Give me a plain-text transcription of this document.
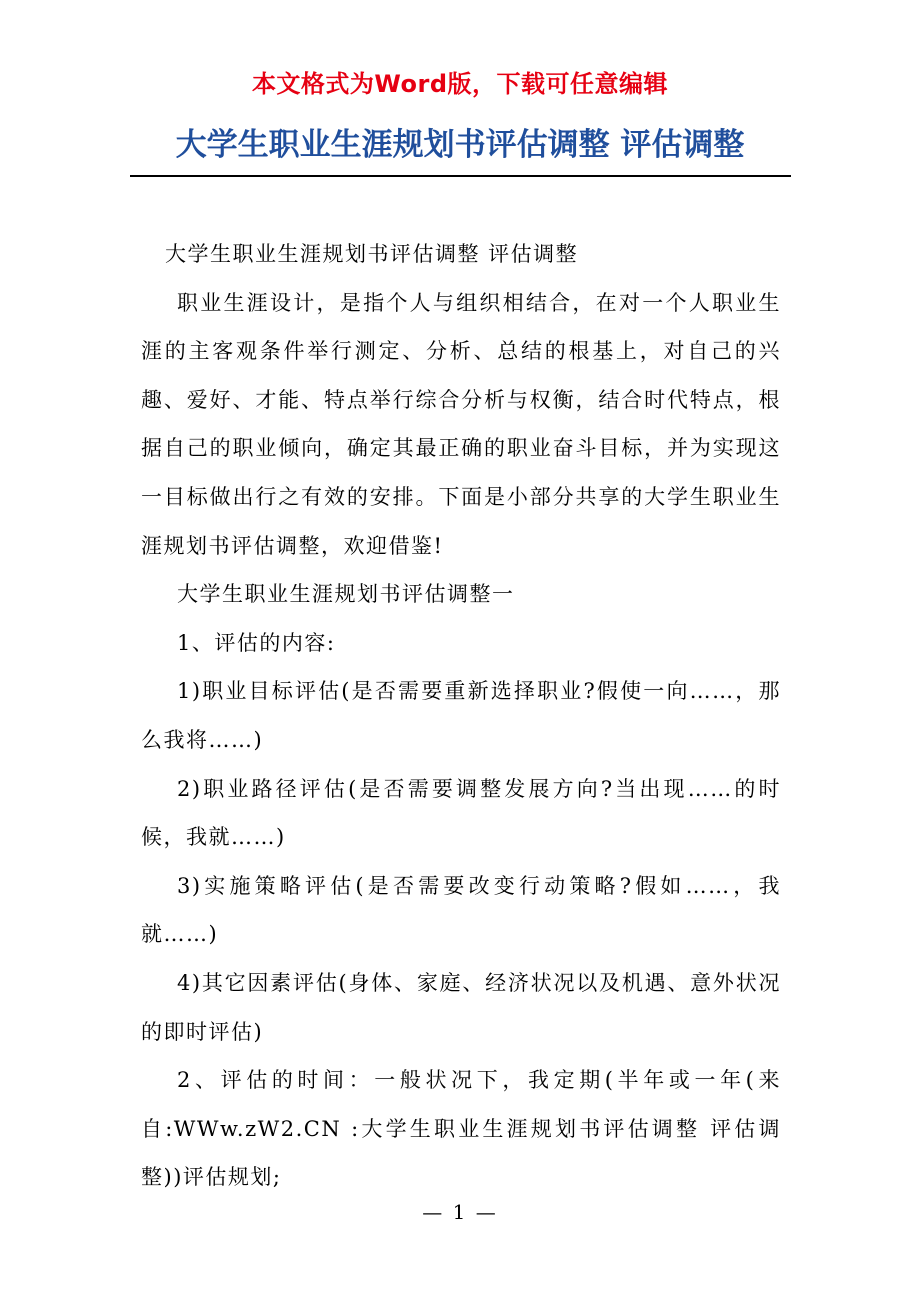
本文格式为Word版，下载可任意编辑
大学生职业生涯规划书评估调整 评估调整

大学生职业生涯规划书评估调整 评估调整

职业生涯设计，是指个人与组织相结合，在对一个人职业生涯的主客观条件举行测定、分析、总结的根基上，对自己的兴趣、爱好、才能、特点举行综合分析与权衡，结合时代特点，根据自己的职业倾向，确定其最正确的职业奋斗目标，并为实现这一目标做出行之有效的安排。下面是小部分共享的大学生职业生涯规划书评估调整，欢迎借鉴!

大学生职业生涯规划书评估调整一

1、评估的内容:

1)职业目标评估(是否需要重新选择职业?假使一向……，那么我将……)

2)职业路径评估(是否需要调整发展方向?当出现……的时候，我就……)

3)实施策略评估(是否需要改变行动策略?假如……，我就……)

4)其它因素评估(身体、家庭、经济状况以及机遇、意外状况的即时评估)

2、评估的时间：一般状况下，我定期(半年或一年(来自:WWw.zW2.CN :大学生职业生涯规划书评估调整 评估调整))评估规划;

— 1 —
